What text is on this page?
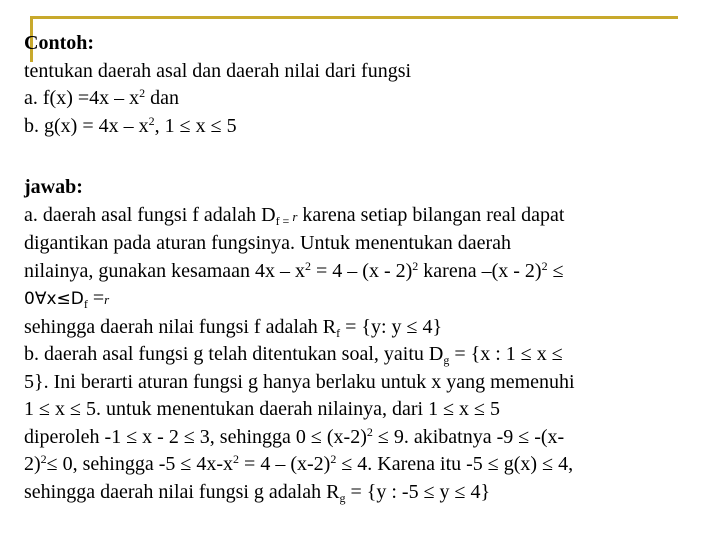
Contoh:
tentukan daerah asal dan daerah nilai dari fungsi
a. $f(x) =4x - x^2$ dan
b. $g(x) = 4x - x^2$, 1 ≤ x ≤ 5
jawab:
a. daerah asal fungsi f adalah $D_{f =}$ r karena setiap bilangan real dapat
digantikan pada aturan fungsinya. Untuk menentukan daerah
nilainya, gunakan kesamaan $4x - x^2 = 4 - (x - 2)^2$ karena –(x - 2)$^2$ ≤
$0\forall x\le D_f =r$
sehingga daerah nilai fungsi f adalah $R_f = \{y$: y ≤ 4}
b. daerah asal fungsi g telah ditentukan soal, yaitu $D_g = \{x$ : 1 ≤ x ≤
5}. Ini berarti aturan fungsi g hanya berlaku untuk x yang memenuhi
1 ≤ x ≤ 5. untuk menentukan daerah nilainya, dari 1 ≤ x ≤ 5
diperoleh -1 ≤ x - 2 ≤ 3, sehingga $0 \le (x-2)^2 \le 9$. akibatnya -9 ≤ -(x-
2)$^2$≤ 0, sehingga $-5 \le 4x-x^2 = 4 - (x-2)^2 \le 4$. Karena itu -5 ≤ g(x) ≤ 4,
sehingga daerah nilai fungsi g adalah $R_g = \{y$ : -5 ≤ y ≤ 4}
